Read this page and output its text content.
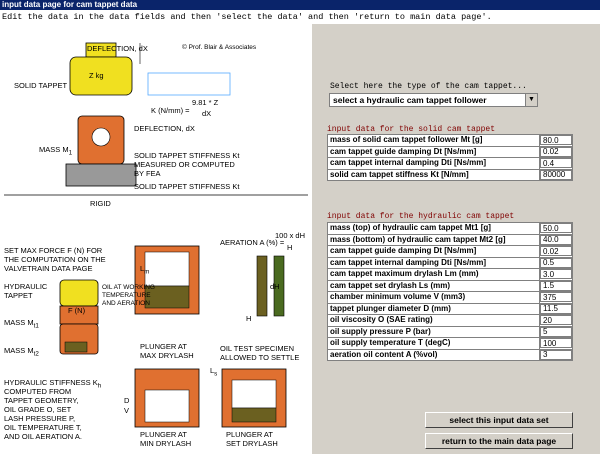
input data page for cam tappet data
Edit the data in the data fields and then 'select the data' and then 'return to main data page'.
DEFLECTION, dX	© Prof. Blair & Associates
SOLID TAPPET
Z kg
K (N/mm) =
9.81 * Z
dX
DEFLECTION, dX
MASS $M_1$	SOLID TAPPET STIFFNESS Kt
MEASURED OR COMPUTED
BY FEA
SOLID TAPPET STIFFNESS Kt
RIGID
SET MAX FORCE F (N) FOR
THE COMPUTATION ON THE
VALVETRAIN DATA PAGE
HYDRAULIC
TAPPET
F (N)
MASS $M_{t1}$
MASS $M_{t2}$
OIL
OIL AT WORKING
TEMPERATURE
AND AERATION
$L_m$
PLUNGER AT
MAX DRYLASH
AERATION A (%) =
100 x dH
H
H
dH
OIL TEST SPECIMEN
ALLOWED TO SETTLE
HYDRAULIC STIFFNESS $K_h$
COMPUTED FROM
TAPPET GEOMETRY,
OIL GRADE O, SET
LASH PRESSURE P,
OIL TEMPERATURE T,
AND OIL AERATION A.
D
V
$L_s$
PLUNGER AT
MIN DRYLASH
PLUNGER AT
SET DRYLASH
Select here the type of the cam tappet...
select a hydraulic cam tappet follower	▼
input data for the solid cam tappet
mass of solid cam tappet follower Mt [g]	80.0
cam tappet guide damping Dt [Ns/mm]	0.02
cam tappet internal damping Dti [Ns/mm]	0.4
solid cam tappet stiffness Kt [N/mm]	80000
input data for the hydraulic cam tappet
mass (top) of hydraulic cam tappet Mt1 [g]	50.0
mass (bottom) of hydraulic cam tappet Mt2 [g]	40.0
cam tappet guide damping Dt [Ns/mm]	0.02
cam tappet internal damping Dti [Ns/mm]	0.5
cam tappet maximum drylash Lm (mm)	3.0
cam tappet set drylash Ls (mm)	1.5
chamber minimum volume V (mm3)	375
tappet plunger diameter D (mm)	11.5
oil viscosity O (SAE rating)	20
oil supply pressure P (bar)	5
oil supply temperature T (degC)	100
aeration oil content A (%vol)	3
select this input data set
return to the main data page
